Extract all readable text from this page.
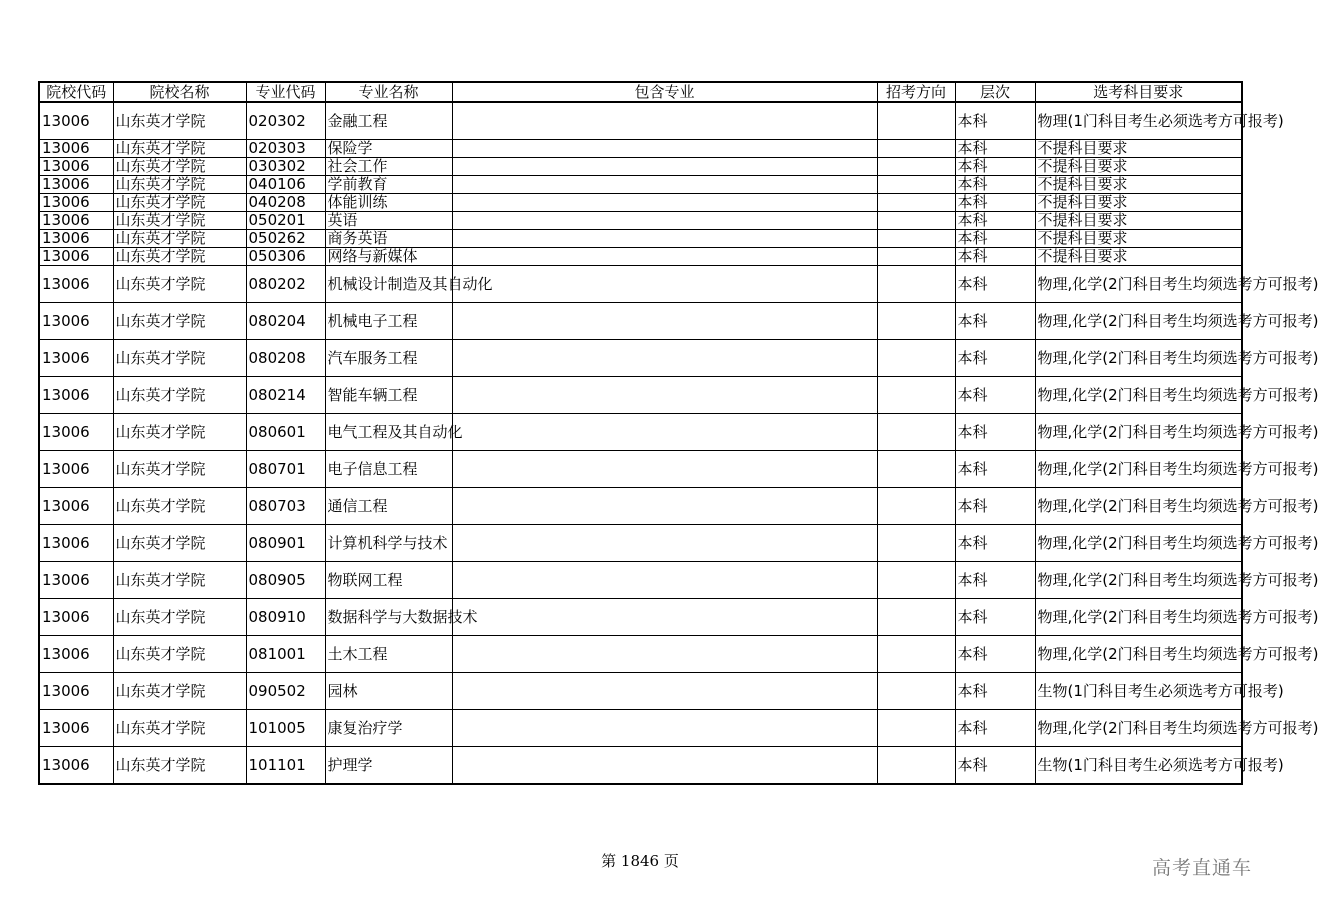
院校代码	院校名称	专业代码	专业名称	包含专业	招考方向	层次	选考科目要求
13006	山东英才学院	020302	金融工程			本科	物理(1门科目考生必须选考方可报考)
13006	山东英才学院	020303	保险学			本科	不提科目要求
13006	山东英才学院	030302	社会工作			本科	不提科目要求
13006	山东英才学院	040106	学前教育			本科	不提科目要求
13006	山东英才学院	040208	体能训练			本科	不提科目要求
13006	山东英才学院	050201	英语			本科	不提科目要求
13006	山东英才学院	050262	商务英语			本科	不提科目要求
13006	山东英才学院	050306	网络与新媒体			本科	不提科目要求
13006	山东英才学院	080202	机械设计制造及其自动化			本科	物理,化学(2门科目考生均须选考方可报考)
13006	山东英才学院	080204	机械电子工程			本科	物理,化学(2门科目考生均须选考方可报考)
13006	山东英才学院	080208	汽车服务工程			本科	物理,化学(2门科目考生均须选考方可报考)
13006	山东英才学院	080214	智能车辆工程			本科	物理,化学(2门科目考生均须选考方可报考)
13006	山东英才学院	080601	电气工程及其自动化			本科	物理,化学(2门科目考生均须选考方可报考)
13006	山东英才学院	080701	电子信息工程			本科	物理,化学(2门科目考生均须选考方可报考)
13006	山东英才学院	080703	通信工程			本科	物理,化学(2门科目考生均须选考方可报考)
13006	山东英才学院	080901	计算机科学与技术			本科	物理,化学(2门科目考生均须选考方可报考)
13006	山东英才学院	080905	物联网工程			本科	物理,化学(2门科目考生均须选考方可报考)
13006	山东英才学院	080910	数据科学与大数据技术			本科	物理,化学(2门科目考生均须选考方可报考)
13006	山东英才学院	081001	土木工程			本科	物理,化学(2门科目考生均须选考方可报考)
13006	山东英才学院	090502	园林			本科	生物(1门科目考生必须选考方可报考)
13006	山东英才学院	101005	康复治疗学			本科	物理,化学(2门科目考生均须选考方可报考)
13006	山东英才学院	101101	护理学			本科	生物(1门科目考生必须选考方可报考)
第 1846 页	高考直通车
